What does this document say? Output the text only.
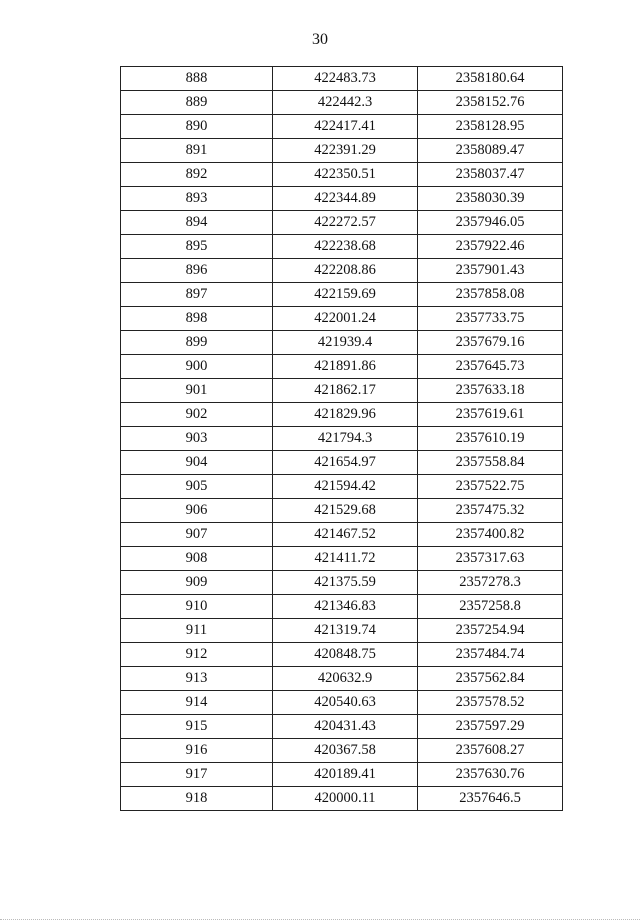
30
888	422483.73	2358180.64
889	422442.3	2358152.76
890	422417.41	2358128.95
891	422391.29	2358089.47
892	422350.51	2358037.47
893	422344.89	2358030.39
894	422272.57	2357946.05
895	422238.68	2357922.46
896	422208.86	2357901.43
897	422159.69	2357858.08
898	422001.24	2357733.75
899	421939.4	2357679.16
900	421891.86	2357645.73
901	421862.17	2357633.18
902	421829.96	2357619.61
903	421794.3	2357610.19
904	421654.97	2357558.84
905	421594.42	2357522.75
906	421529.68	2357475.32
907	421467.52	2357400.82
908	421411.72	2357317.63
909	421375.59	2357278.3
910	421346.83	2357258.8
911	421319.74	2357254.94
912	420848.75	2357484.74
913	420632.9	2357562.84
914	420540.63	2357578.52
915	420431.43	2357597.29
916	420367.58	2357608.27
917	420189.41	2357630.76
918	420000.11	2357646.5
